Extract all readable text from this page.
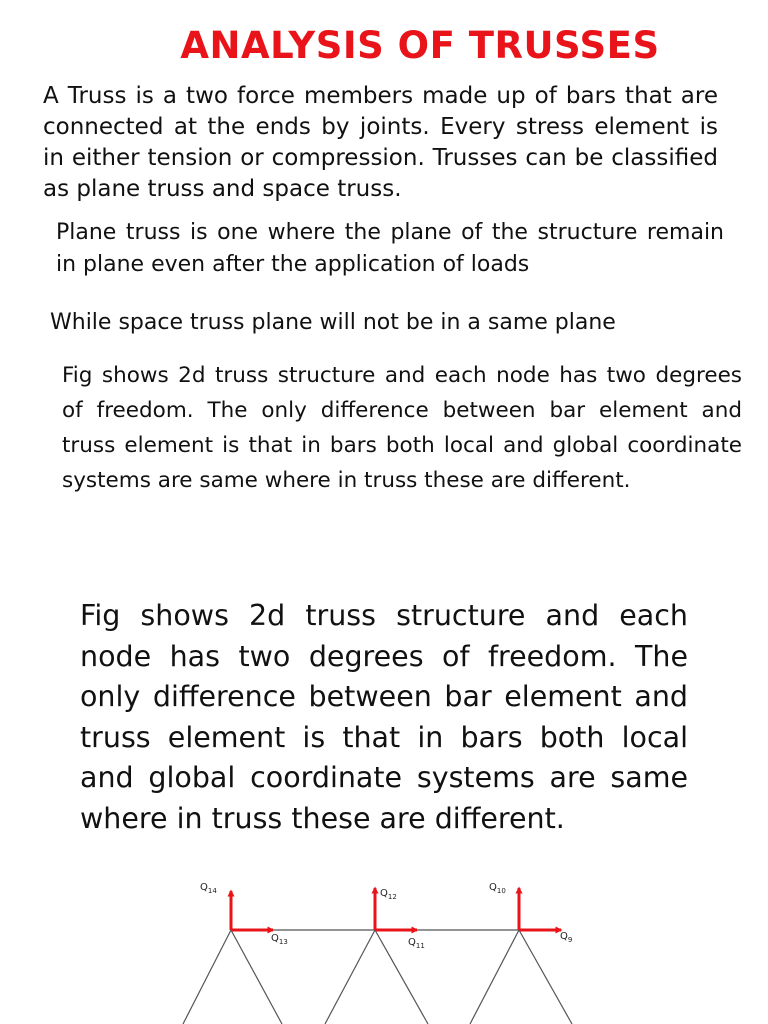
ANALYSIS OF TRUSSES

A Truss is a two force members made up of bars that are connected at the ends by joints. Every stress element is in either tension or compression. Trusses can be classified as plane truss and space truss.

Plane truss is one where the plane of the structure remain in plane even after the application of loads

While space truss plane will not be in a same plane

Fig shows 2d truss structure and each node has two degrees of freedom. The only difference between bar element and truss element is that in bars both local and global coordinate systems are same where in truss these are different.

Fig shows 2d truss structure and each node has two degrees of freedom. The only difference between bar element and truss element is that in bars both local and global coordinate systems are same where in truss these are different.

$Q_{14}$
$Q_{13}$
$Q_{12}$
$Q_{11}$
$Q_{10}$
$Q_9$
